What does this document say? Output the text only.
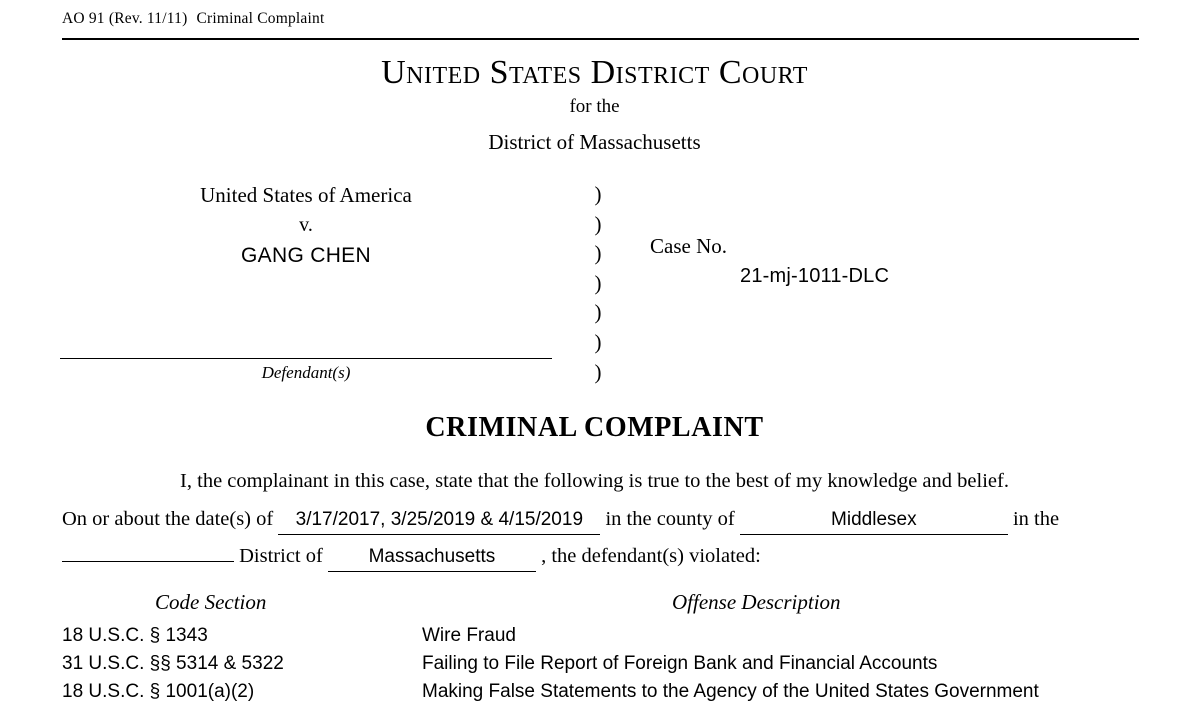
AO 91 (Rev. 11/11) Criminal Complaint
United States District Court
for the
District of Massachusetts
United States of America
v.
GANG CHEN
Defendant(s)
)
)
)
)
)
)
)
Case No.
21-mj-1011-DLC
CRIMINAL COMPLAINT
I, the complainant in this case, state that the following is true to the best of my knowledge and belief.
On or about the date(s) of 3/17/2017, 3/25/2019 & 4/15/2019 in the county of	Middlesex	in the
District of Massachusetts , the defendant(s) violated:
Code Section	Offense Description
18 U.S.C. § 1343	Wire Fraud
31 U.S.C. §§ 5314 & 5322	Failing to File Report of Foreign Bank and Financial Accounts
18 U.S.C. § 1001(a)(2)	Making False Statements to the Agency of the United States Government
